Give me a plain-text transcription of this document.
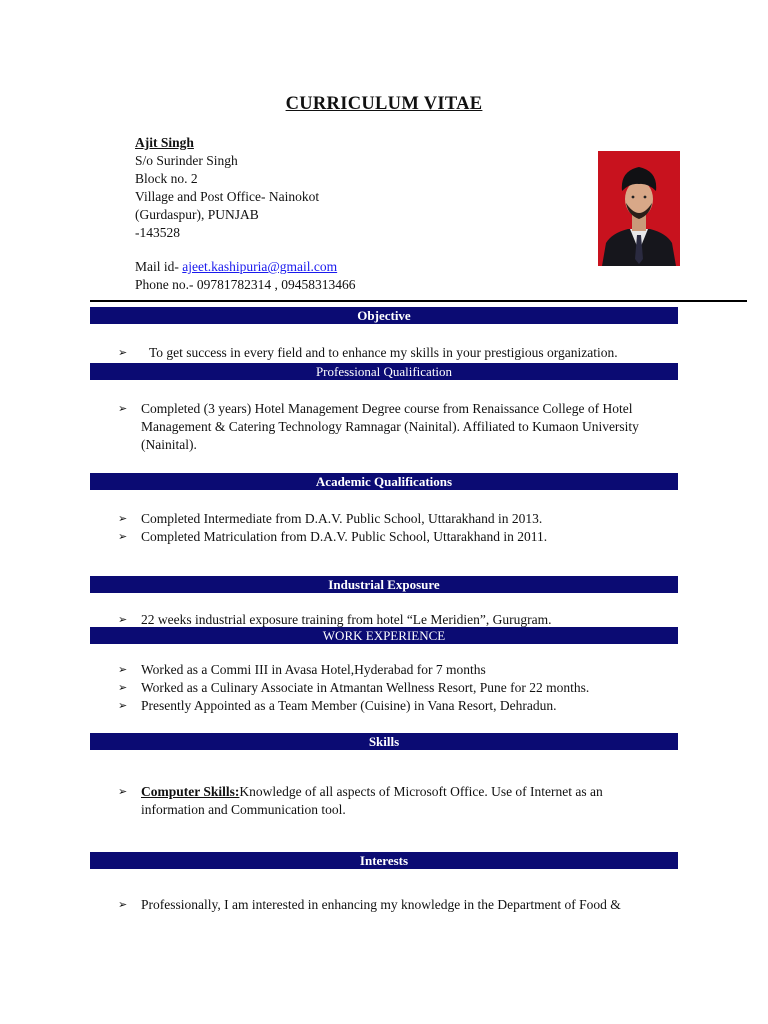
CURRICULUM VITAE
Ajit Singh
S/o Surinder Singh
Block no. 2
Village and Post Office- Nainokot
(Gurdaspur), PUNJAB
-143528
Mail id- ajeet.kashipuria@gmail.com
Phone no.- 09781782314 , 09458313466
Objective
➢ To get success in every field and to enhance my skills in your prestigious organization.
Professional Qualification
➢ Completed (3 years) Hotel Management Degree course from Renaissance College of Hotel Management & Catering Technology Ramnagar (Nainital). Affiliated to Kumaon University (Nainital).
Academic Qualifications
➢ Completed Intermediate from D.A.V. Public School, Uttarakhand in 2013.
➢ Completed Matriculation from D.A.V. Public School, Uttarakhand in 2011.
Industrial Exposure
➢ 22 weeks industrial exposure training from hotel “Le Meridien”, Gurugram.
WORK EXPERIENCE
➢ Worked as a Commi III in Avasa Hotel,Hyderabad for 7 months
➢ Worked as a Culinary Associate in Atmantan Wellness Resort, Pune for 22 months.
➢ Presently Appointed as a Team Member (Cuisine) in Vana Resort, Dehradun.
Skills
➢ Computer Skills:Knowledge of all aspects of Microsoft Office. Use of Internet as an information and Communication tool.
Interests
➢ Professionally, I am interested in enhancing my knowledge in the Department of Food &
